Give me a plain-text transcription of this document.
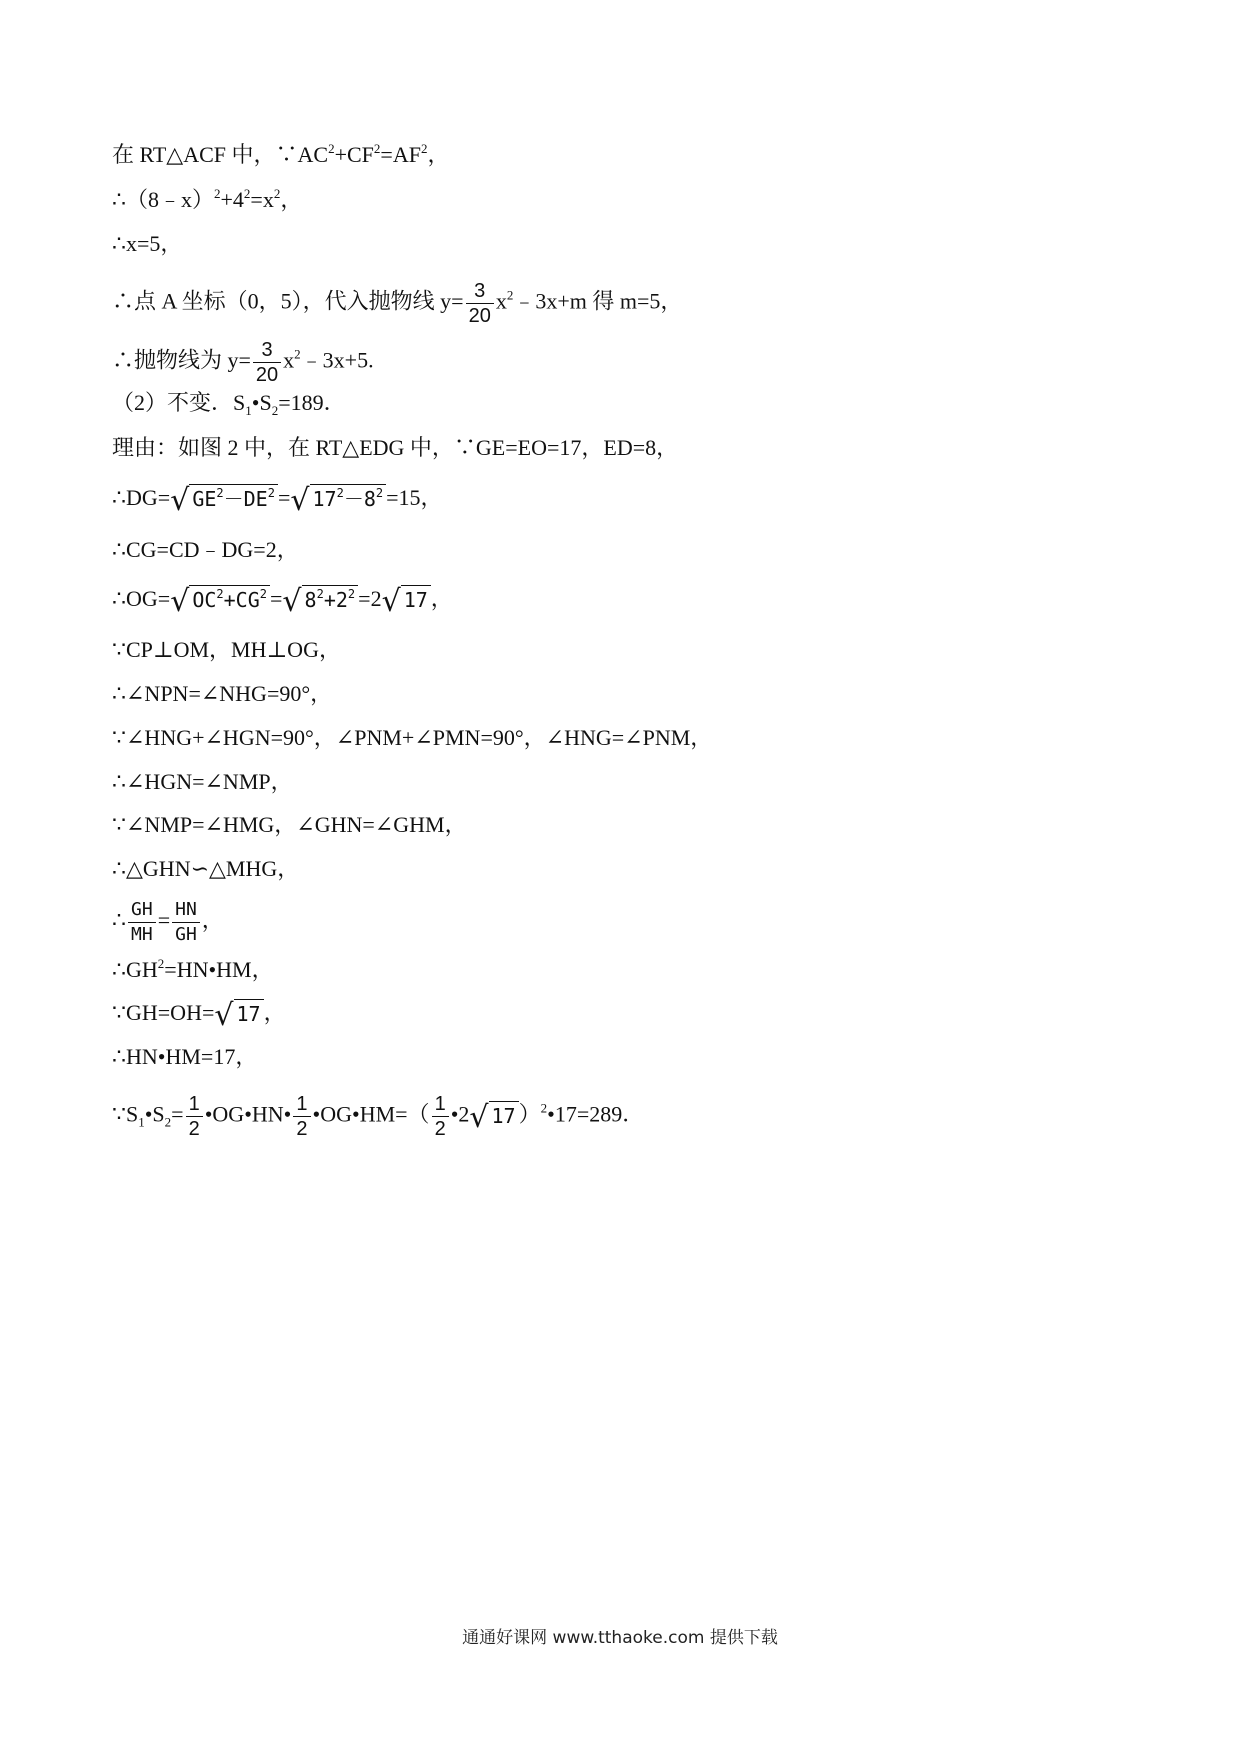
在 RT△ACF 中，$\because AC^2+CF^2=AF^2$，
$\therefore(8﹣x)^2+4^2=x^2$，
∴x=5，
∴点 A 坐标（0，5），代入抛物线 $y= \frac{3}{20}$ $x^2﹣3x+m$ 得 m=5，
∴抛物线为 $y= \frac{3}{20}$ $x^2﹣3x+5$.
（2）不变．$S_1•S_2=189$．
理由：如图 2 中，在 RT△EDG 中，∵GE=EO=17，ED=8，
∴DG=√ $GE^2-DE^2$ =√ $17^2-8^2 =15$，
∴CG=CD﹣DG=2，
∴OG=√ $OC^2+CG^2$ =√ $8^2+2^2 =2√$ 17 ，
∵CP⊥OM，MH⊥OG，
∴∠NPN=∠NHG=90°，
∵∠HNG+∠HGN=90°，∠PNM+∠PMN=90°，∠HNG=∠PNM，
∴∠HGN=∠NMP，
∵∠NMP=∠HMG，∠GHN=∠GHM，
∴△GHN∽△MHG，
∴ $\frac{GH}{MH} = \frac{HN}{GH}$ ，
$\therefore GH^2=HN•HM$，
∵GH=OH=√ 17 ，
∴HN•HM=17，
$\because S_1•S_2= \frac{1}{2}$ •OG•HN• $\frac{1}{2}$ •OG•HM=（ $\frac{1}{2}$ •2√ 17 ）$^2$•17=289．
通通好课网 www.tthaoke.com 提供下载
